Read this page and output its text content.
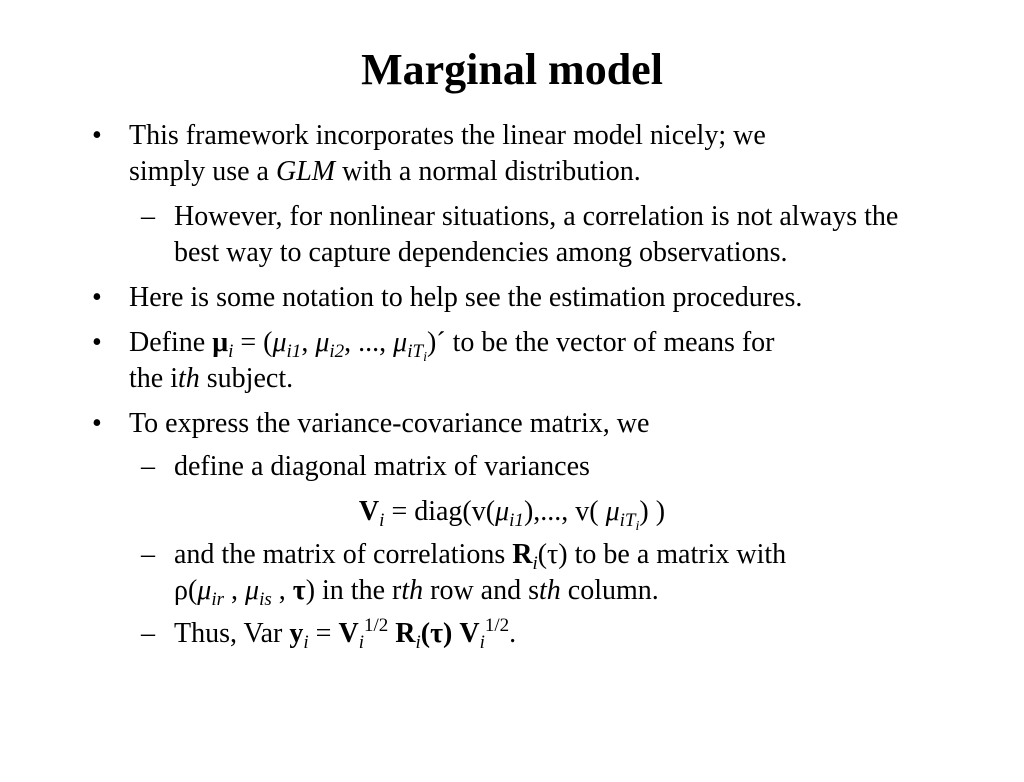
Marginal model
• This framework incorporates the linear model nicely; we
simply use a GLM with a normal distribution.
– However, for nonlinear situations, a correlation is not always the best way to capture dependencies among observations.
• Here is some notation to help see the estimation procedures.
• Define $\mu_i = (\mu_{i1}$, $\mu_{i2}$, ..., $\mu_{iT_i})´$ to be the vector of means for
the ith subject.
• To express the variance-covariance matrix, we
– define a diagonal matrix of variances
$V_i$ = $diag(v(\mu_{i1})$,..., v( $\mu_{iT_i}$) )
– and the matrix of correlations $R_i(\tau)$ to be a matrix with
$\rho(\mu_{ir}$ , $\mu_{is}$ , τ) in the rth row and sth column.
– Thus, Var $y_i = V_i^{1/2}$ $R_i(\tau)$ $V_i^{1/2}$.
